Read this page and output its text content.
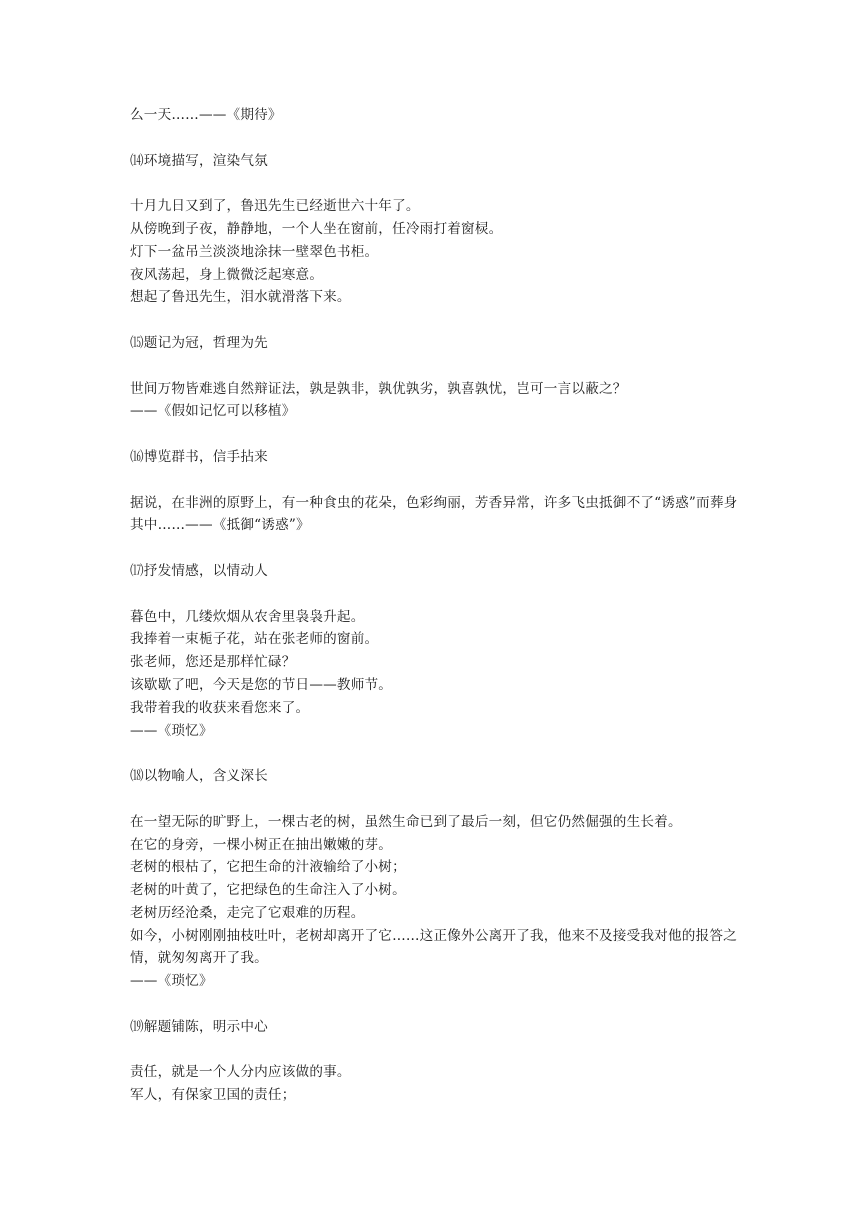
么一天……——《期待》
⒁环境描写，渲染气氛
十月九日又到了，鲁迅先生已经逝世六十年了。
从傍晚到子夜，静静地，一个人坐在窗前，任冷雨打着窗棂。
灯下一盆吊兰淡淡地涂抹一壁翠色书柜。
夜风荡起，身上微微泛起寒意。
想起了鲁迅先生，泪水就滑落下来。
⒂题记为冠，哲理为先
世间万物皆难逃自然辩证法，孰是孰非，孰优孰劣，孰喜孰忧，岂可一言以蔽之？
——《假如记忆可以移植》
⒃博览群书，信手拈来
据说，在非洲的原野上，有一种食虫的花朵，色彩绚丽，芳香异常，许多飞虫抵御不了“诱惑”而葬身其中……——《抵御“诱惑”》
⒄抒发情感，以情动人
暮色中，几缕炊烟从农舍里袅袅升起。
我捧着一束栀子花，站在张老师的窗前。
张老师，您还是那样忙碌？
该歇歇了吧，今天是您的节日——教师节。
我带着我的收获来看您来了。
——《琐忆》
⒅以物喻人，含义深长
在一望无际的旷野上，一棵古老的树，虽然生命已到了最后一刻，但它仍然倔强的生长着。
在它的身旁，一棵小树正在抽出嫩嫩的芽。
老树的根枯了，它把生命的汁液输给了小树；
老树的叶黄了，它把绿色的生命注入了小树。
老树历经沧桑，走完了它艰难的历程。
如今，小树刚刚抽枝吐叶，老树却离开了它……这正像外公离开了我，他来不及接受我对他的报答之情，就匆匆离开了我。
——《琐忆》
⒆解题铺陈，明示中心
责任，就是一个人分内应该做的事。
军人，有保家卫国的责任；
